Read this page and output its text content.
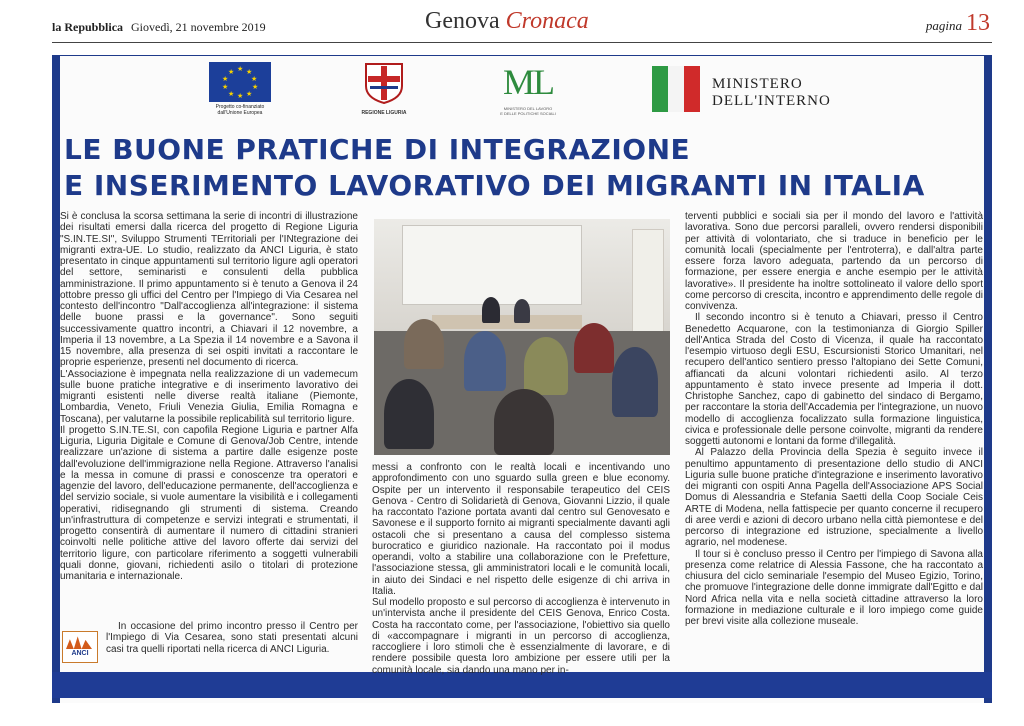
la Repubblica Giovedì, 21 novembre 2019	Genova Cronaca	pagina 13
★ ★
★
★
★
★
★
★
★
★
Progetto co-finanziato
dall'Unione Europea	REGIONE LIGURIA
ML
MINISTERO DEL LAVORO
E DELLE POLITICHE SOCIALI
MINISTERO
DELL'INTERNO
LE BUONE PRATICHE DI INTEGRAZIONE
E INSERIMENTO LAVORATIVO DEI MIGRANTI IN ITALIA

Si è conclusa la scorsa settimana la serie di incontri di illustrazione dei risultati emersi dalla ricerca del progetto di Regione Liguria "S.IN.TE.SI", Sviluppo Strumenti TErritoriali per l'INtegrazione dei migranti extra-UE. Lo studio, realizzato da ANCI Liguria, è stato presentato in cinque appuntamenti sul territorio ligure agli operatori del settore, seminaristi e consulenti della pubblica amministrazione. Il primo appuntamento si è tenuto a Genova il 24 ottobre presso gli uffici del Centro per l'Impiego di Via Cesarea nel contesto dell'incontro "Dall'accoglienza all'integrazione: il sistema delle buone prassi e la governance". Sono seguiti successivamente quattro incontri, a Chiavari il 12 novembre, a Imperia il 13 novembre, a La Spezia il 14 novembre e a Savona il 15 novembre, alla presenza di sei ospiti invitati a raccontare le proprie esperienze, presenti nel documento di ricerca.

L'Associazione è impegnata nella realizzazione di un vademecum sulle buone pratiche integrative e di inserimento lavorativo dei migranti esistenti nelle diverse realtà italiane (Piemonte, Lombardia, Veneto, Friuli Venezia Giulia, Emilia Romagna e Toscana), per valutarne la possibile replicabilità sul territorio ligure.

Il progetto S.IN.TE.SI, con capofila Regione Liguria e partner Alfa Liguria, Liguria Digitale e Comune di Genova/Job Centre, intende realizzare un'azione di sistema a partire dalle esigenze poste dall'evoluzione dell'immigrazione nella Regione. Attraverso l'analisi e la messa in comune di prassi e conoscenze tra operatori e agenzie del lavoro, dell'educazione permanente, dell'accoglienza e del servizio sociale, si vuole aumentare la visibilità e i collegamenti operativi, ridisegnando gli strumenti di sistema. Creando un'infrastruttura di competenze e servizi integrati e strumentati, il progetto consentirà di aumentare il numero di cittadini stranieri coinvolti nelle politiche attive del lavoro offerte dai servizi del territorio ligure, con particolare riferimento a soggetti vulnerabili quali donne, giovani, richiedenti asilo o titolari di protezione umanitaria e internazionale.

In occasione del primo incontro presso il Centro per l'Impiego di Via Cesarea, sono stati presentati alcuni casi tra quelli riportati nella ricerca di ANCI Liguria.

messi a confronto con le realtà locali e incentivando uno approfondimento con uno sguardo sulla green e blue economy. Ospite per un intervento il responsabile terapeutico del CEIS Genova - Centro di Solidarietà di Genova, Giovanni Lizzio, il quale ha raccontato l'azione portata avanti dal centro sul Genovesato e Savonese e il supporto fornito ai migranti specialmente davanti agli ostacoli che si presentano a causa del complesso sistema burocratico e giuridico nazionale. Ha raccontato poi il modus operandi, volto a stabilire una collaborazione con le Prefetture, l'associazione stessa, gli amministratori locali e le comunità locali, in aiuto dei Sindaci e nel rispetto delle esigenze di chi arriva in Italia.

Sul modello proposto e sul percorso di accoglienza è intervenuto in un'intervista anche il presidente del CEIS Genova, Enrico Costa. Costa ha raccontato come, per l'associazione, l'obiettivo sia quello di «accompagnare i migranti in un percorso di accoglienza, raccogliere i loro stimoli che è essenzialmente di lavorare, e di rendere possibile questa loro ambizione per essere utili per la comunità locale, sia dando una mano per in-

terventi pubblici e sociali sia per il mondo del lavoro e l'attività lavorativa. Sono due percorsi paralleli, ovvero rendersi disponibili per attività di volontariato, che si traduce in beneficio per le comunità locali (specialmente per l'entroterra), e dall'altra parte essere forza lavoro adeguata, partendo da un percorso di formazione, per essere energia e anche esempio per le attività lavorative». Il presidente ha inoltre sottolineato il valore dello sport come percorso di crescita, incontro e apprendimento delle regole di convivenza.

Il secondo incontro si è tenuto a Chiavari, presso il Centro Benedetto Acquarone, con la testimonianza di Giorgio Spiller dell'Antica Strada del Costo di Vicenza, il quale ha raccontato l'esempio virtuoso degli ESU, Escursionisti Storico Umanitari, nel recupero dell'antico sentiero presso l'altopiano dei Sette Comuni, affiancati da alcuni volontari richiedenti asilo. Al terzo appuntamento è stato invece presente ad Imperia il dott. Christophe Sanchez, capo di gabinetto del sindaco di Bergamo, per raccontare la storia dell'Accademia per l'integrazione, un nuovo modello di accoglienza focalizzato sulla formazione linguistica, civica e professionale delle persone coinvolte, migranti da rendere soggetti autonomi e lontani da forme d'illegalità.

Al Palazzo della Provincia della Spezia è seguito invece il penultimo appuntamento di presentazione dello studio di ANCI Liguria sulle buone pratiche d'integrazione e inserimento lavorativo dei migranti con ospiti Anna Pagella dell'Associazione APS Social Domus di Alessandria e Stefania Saetti della Coop Sociale Ceis ARTE di Modena, nella fattispecie per quanto concerne il recupero di aree verdi e azioni di decoro urbano nella città piemontese e del percorso di integrazione ed istruzione, specialmente a livello agrario, nel modenese.

Il tour si è concluso presso il Centro per l'impiego di Savona alla presenza come relatrice di Alessia Fassone, che ha raccontato a chiusura del ciclo seminariale l'esempio del Museo Egizio, Torino, che promuove l'integrazione delle donne immigrate dall'Egitto e dal Nord Africa nella vita e nella società cittadine attraverso la loro formazione in mediazione culturale e il loro impiego come guide per brevi visite alla collezione museale.

ANCI
